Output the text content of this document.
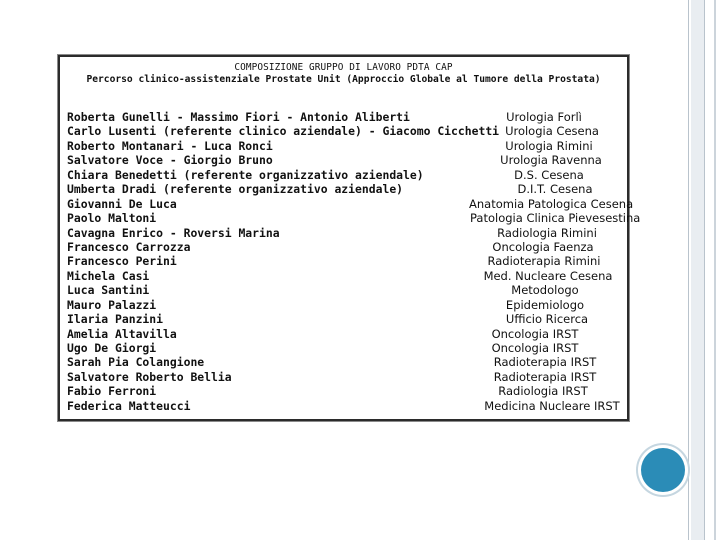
COMPOSIZIONE GRUPPO DI LAVORO PDTA CAP
Percorso clinico-assistenziale Prostate Unit (Approccio Globale al Tumore della Prostata)
Roberta Gunelli - Massimo Fiori - Antonio Aliberti	Urologia Forlì
Carlo Lusenti (referente clinico aziendale) - Giacomo Cicchetti Urologia Cesena
Roberto Montanari - Luca Ronci	Urologia Rimini
Salvatore Voce - Giorgio Bruno	Urologia Ravenna
Chiara Benedetti (referente organizzativo aziendale)	D.S. Cesena
Umberta Dradi (referente organizzativo aziendale)	D.I.T. Cesena
Giovanni De Luca	Anatomia Patologica Cesena
Paolo Maltoni	Patologia Clinica Pievesestina
Cavagna Enrico - Roversi Marina	Radiologia Rimini
Francesco Carrozza	Oncologia Faenza
Francesco Perini	Radioterapia Rimini
Michela Casi	Med. Nucleare Cesena
Luca Santini	Metodologo
Mauro Palazzi	Epidemiologo
Ilaria Panzini	Ufficio Ricerca
Amelia Altavilla	Oncologia IRST
Ugo De Giorgi	Oncologia IRST
Sarah Pia Colangione	Radioterapia IRST
Salvatore Roberto Bellia	Radioterapia IRST
Fabio Ferroni	Radiologia IRST
Federica Matteucci	Medicina Nucleare IRST
